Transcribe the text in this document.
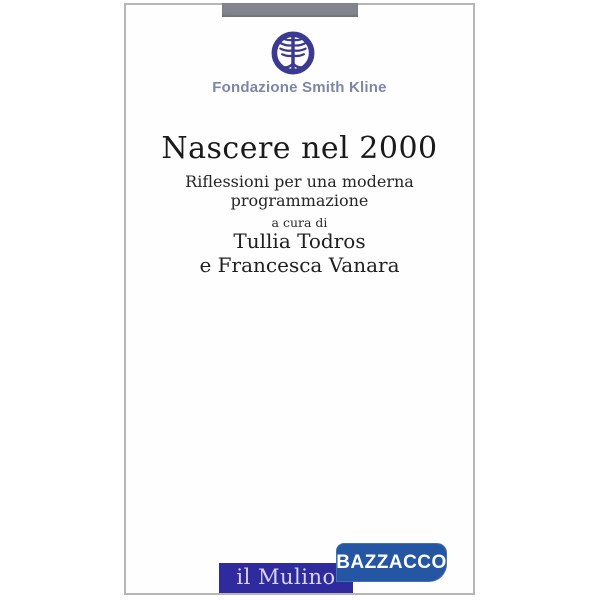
Fondazione Smith Kline
Nascere nel 2000
Riflessioni per una moderna programmazione
a cura di
Tullia Todros
e Francesca Vanara
il Mulino
BAZZACCO
